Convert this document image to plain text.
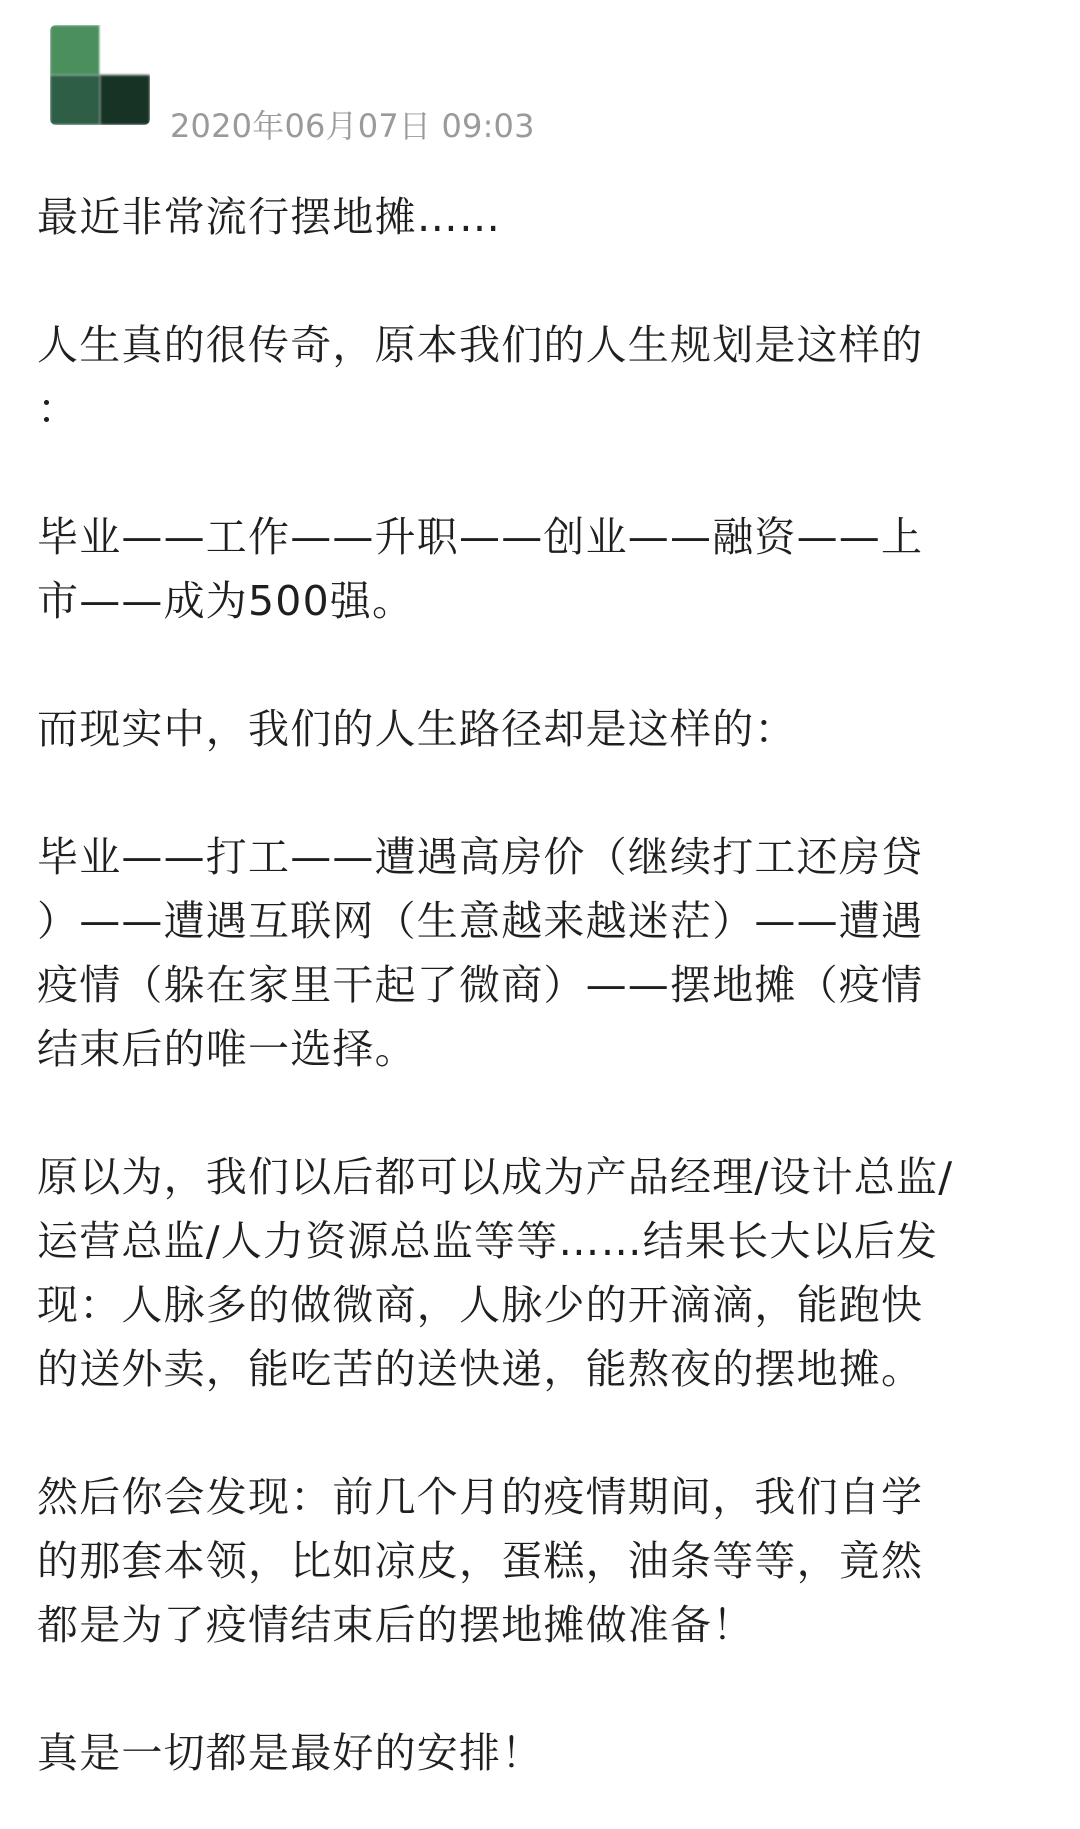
2020年06月07日 09:03

最近非常流行摆地摊……

人生真的很传奇，原本我们的人生规划是这样的
：

毕业——工作——升职——创业——融资——上
市——成为500强。

而现实中，我们的人生路径却是这样的：

毕业——打工——遭遇高房价（继续打工还房贷
）——遭遇互联网（生意越来越迷茫）——遭遇
疫情（躲在家里干起了微商）——摆地摊（疫情
结束后的唯一选择。

原以为，我们以后都可以成为产品经理/设计总监/
运营总监/人力资源总监等等……结果长大以后发
现：人脉多的做微商，人脉少的开滴滴，能跑快
的送外卖，能吃苦的送快递，能熬夜的摆地摊。

然后你会发现：前几个月的疫情期间，我们自学
的那套本领，比如凉皮，蛋糕，油条等等，竟然
都是为了疫情结束后的摆地摊做准备！

真是一切都是最好的安排！
